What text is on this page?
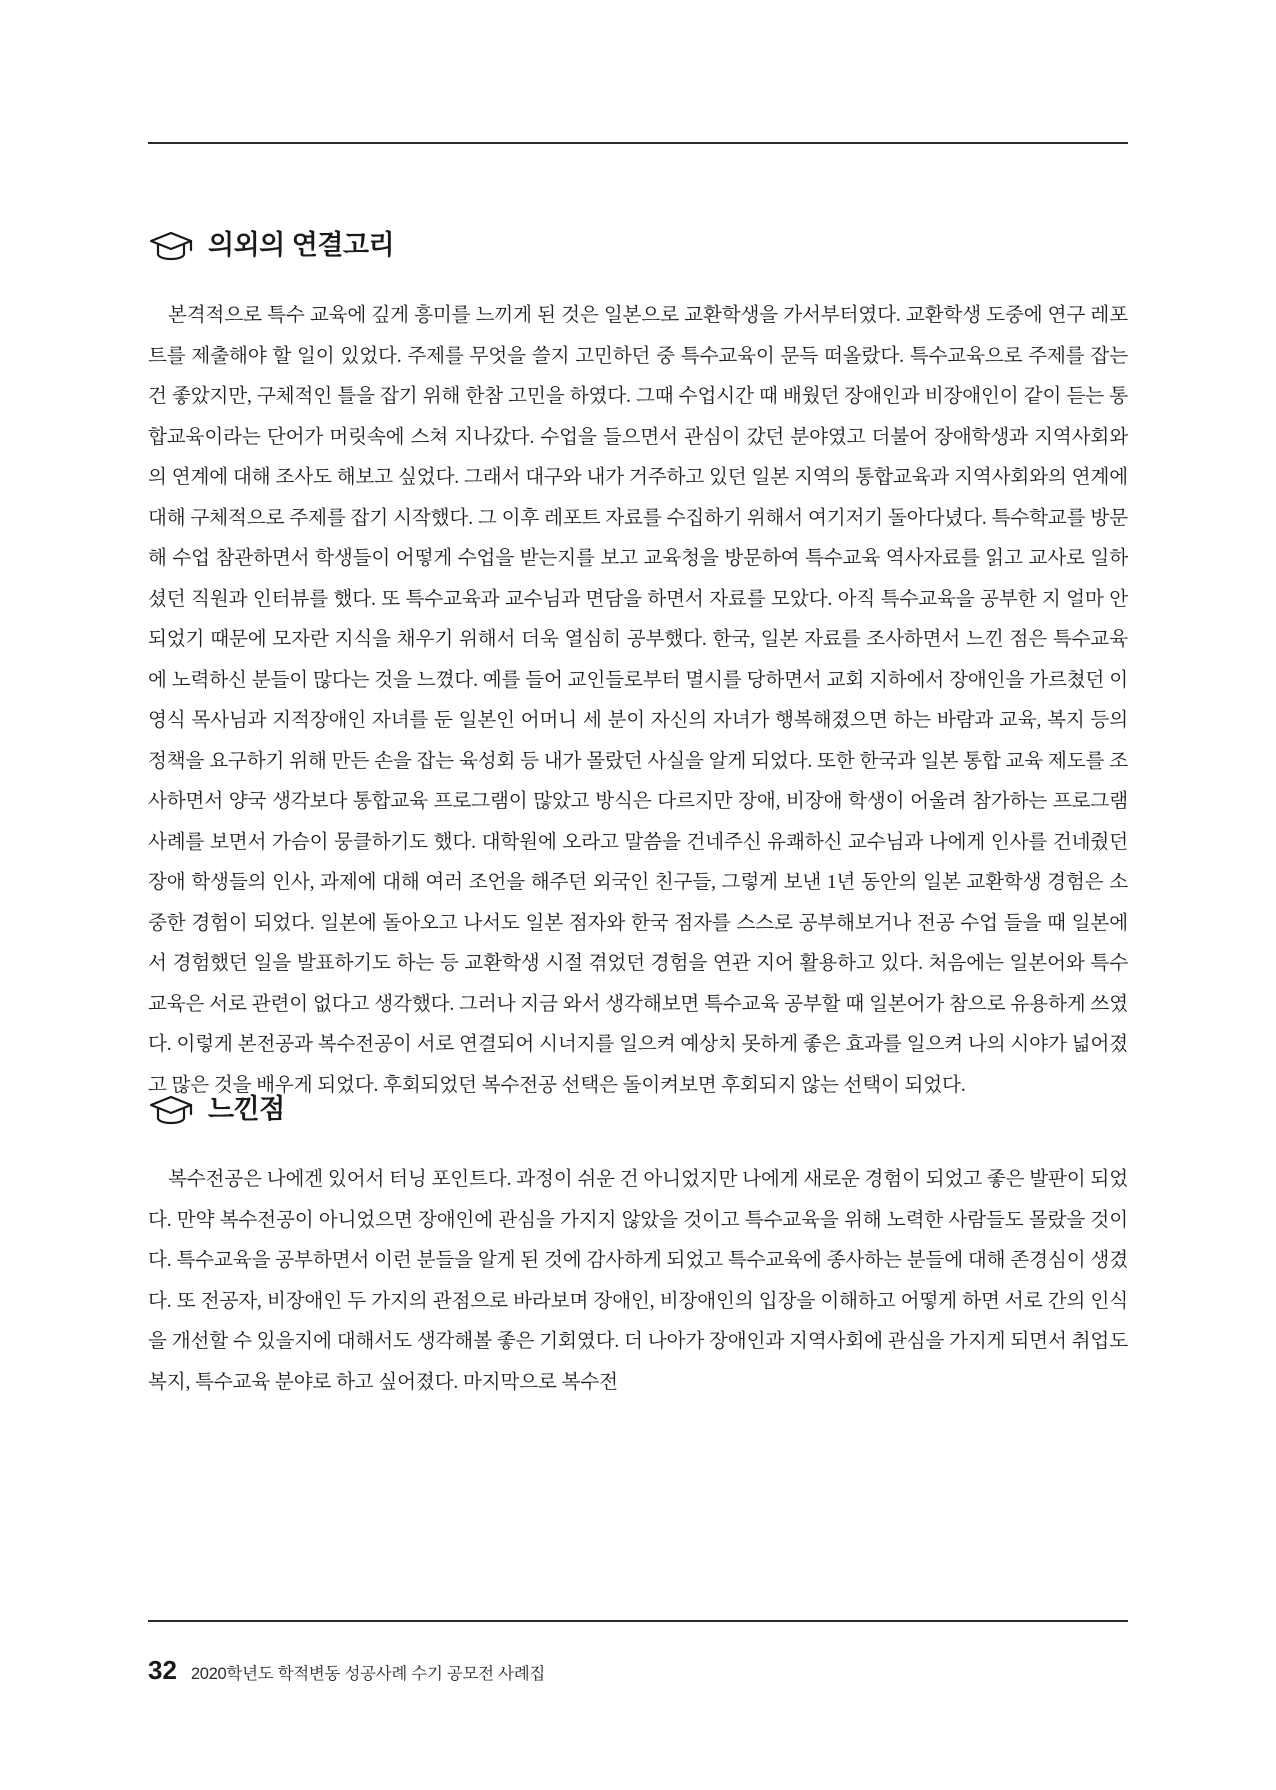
의외의 연결고리

본격적으로 특수 교육에 깊게 흥미를 느끼게 된 것은 일본으로 교환학생을 가서부터였다. 교환학생 도중에 연구 레포트를 제출해야 할 일이 있었다. 주제를 무엇을 쓸지 고민하던 중 특수교육이 문득 떠올랐다. 특수교육으로 주제를 잡는 건 좋았지만, 구체적인 틀을 잡기 위해 한참 고민을 하였다. 그때 수업시간 때 배웠던 장애인과 비장애인이 같이 듣는 통합교육이라는 단어가 머릿속에 스쳐 지나갔다. 수업을 들으면서 관심이 갔던 분야였고 더불어 장애학생과 지역사회와의 연계에 대해 조사도 해보고 싶었다. 그래서 대구와 내가 거주하고 있던 일본 지역의 통합교육과 지역사회와의 연계에 대해 구체적으로 주제를 잡기 시작했다. 그 이후 레포트 자료를 수집하기 위해서 여기저기 돌아다녔다. 특수학교를 방문해 수업 참관하면서 학생들이 어떻게 수업을 받는지를 보고 교육청을 방문하여 특수교육 역사자료를 읽고 교사로 일하셨던 직원과 인터뷰를 했다. 또 특수교육과 교수님과 면담을 하면서 자료를 모았다. 아직 특수교육을 공부한 지 얼마 안 되었기 때문에 모자란 지식을 채우기 위해서 더욱 열심히 공부했다. 한국, 일본 자료를 조사하면서 느낀 점은 특수교육에 노력하신 분들이 많다는 것을 느꼈다. 예를 들어 교인들로부터 멸시를 당하면서 교회 지하에서 장애인을 가르쳤던 이영식 목사님과 지적장애인 자녀를 둔 일본인 어머니 세 분이 자신의 자녀가 행복해졌으면 하는 바람과 교육, 복지 등의 정책을 요구하기 위해 만든 손을 잡는 육성회 등 내가 몰랐던 사실을 알게 되었다. 또한 한국과 일본 통합 교육 제도를 조사하면서 양국 생각보다 통합교육 프로그램이 많았고 방식은 다르지만 장애, 비장애 학생이 어울려 참가하는 프로그램 사례를 보면서 가슴이 뭉클하기도 했다. 대학원에 오라고 말씀을 건네주신 유쾌하신 교수님과 나에게 인사를 건네줬던 장애 학생들의 인사, 과제에 대해 여러 조언을 해주던 외국인 친구들, 그렇게 보낸 1년 동안의 일본 교환학생 경험은 소중한 경험이 되었다. 일본에 돌아오고 나서도 일본 점자와 한국 점자를 스스로 공부해보거나 전공 수업 들을 때 일본에서 경험했던 일을 발표하기도 하는 등 교환학생 시절 겪었던 경험을 연관 지어 활용하고 있다. 처음에는 일본어와 특수교육은 서로 관련이 없다고 생각했다. 그러나 지금 와서 생각해보면 특수교육 공부할 때 일본어가 참으로 유용하게 쓰였다. 이렇게 본전공과 복수전공이 서로 연결되어 시너지를 일으켜 예상치 못하게 좋은 효과를 일으켜 나의 시야가 넓어졌고 많은 것을 배우게 되었다. 후회되었던 복수전공 선택은 돌이켜보면 후회되지 않는 선택이 되었다.

느낀점

복수전공은 나에겐 있어서 터닝 포인트다. 과정이 쉬운 건 아니었지만 나에게 새로운 경험이 되었고 좋은 발판이 되었다. 만약 복수전공이 아니었으면 장애인에 관심을 가지지 않았을 것이고 특수교육을 위해 노력한 사람들도 몰랐을 것이다. 특수교육을 공부하면서 이런 분들을 알게 된 것에 감사하게 되었고 특수교육에 종사하는 분들에 대해 존경심이 생겼다. 또 전공자, 비장애인 두 가지의 관점으로 바라보며 장애인, 비장애인의 입장을 이해하고 어떻게 하면 서로 간의 인식을 개선할 수 있을지에 대해서도 생각해볼 좋은 기회였다. 더 나아가 장애인과 지역사회에 관심을 가지게 되면서 취업도 복지, 특수교육 분야로 하고 싶어졌다. 마지막으로 복수전

32 2020학년도 학적변동 성공사례 수기 공모전 사례집
